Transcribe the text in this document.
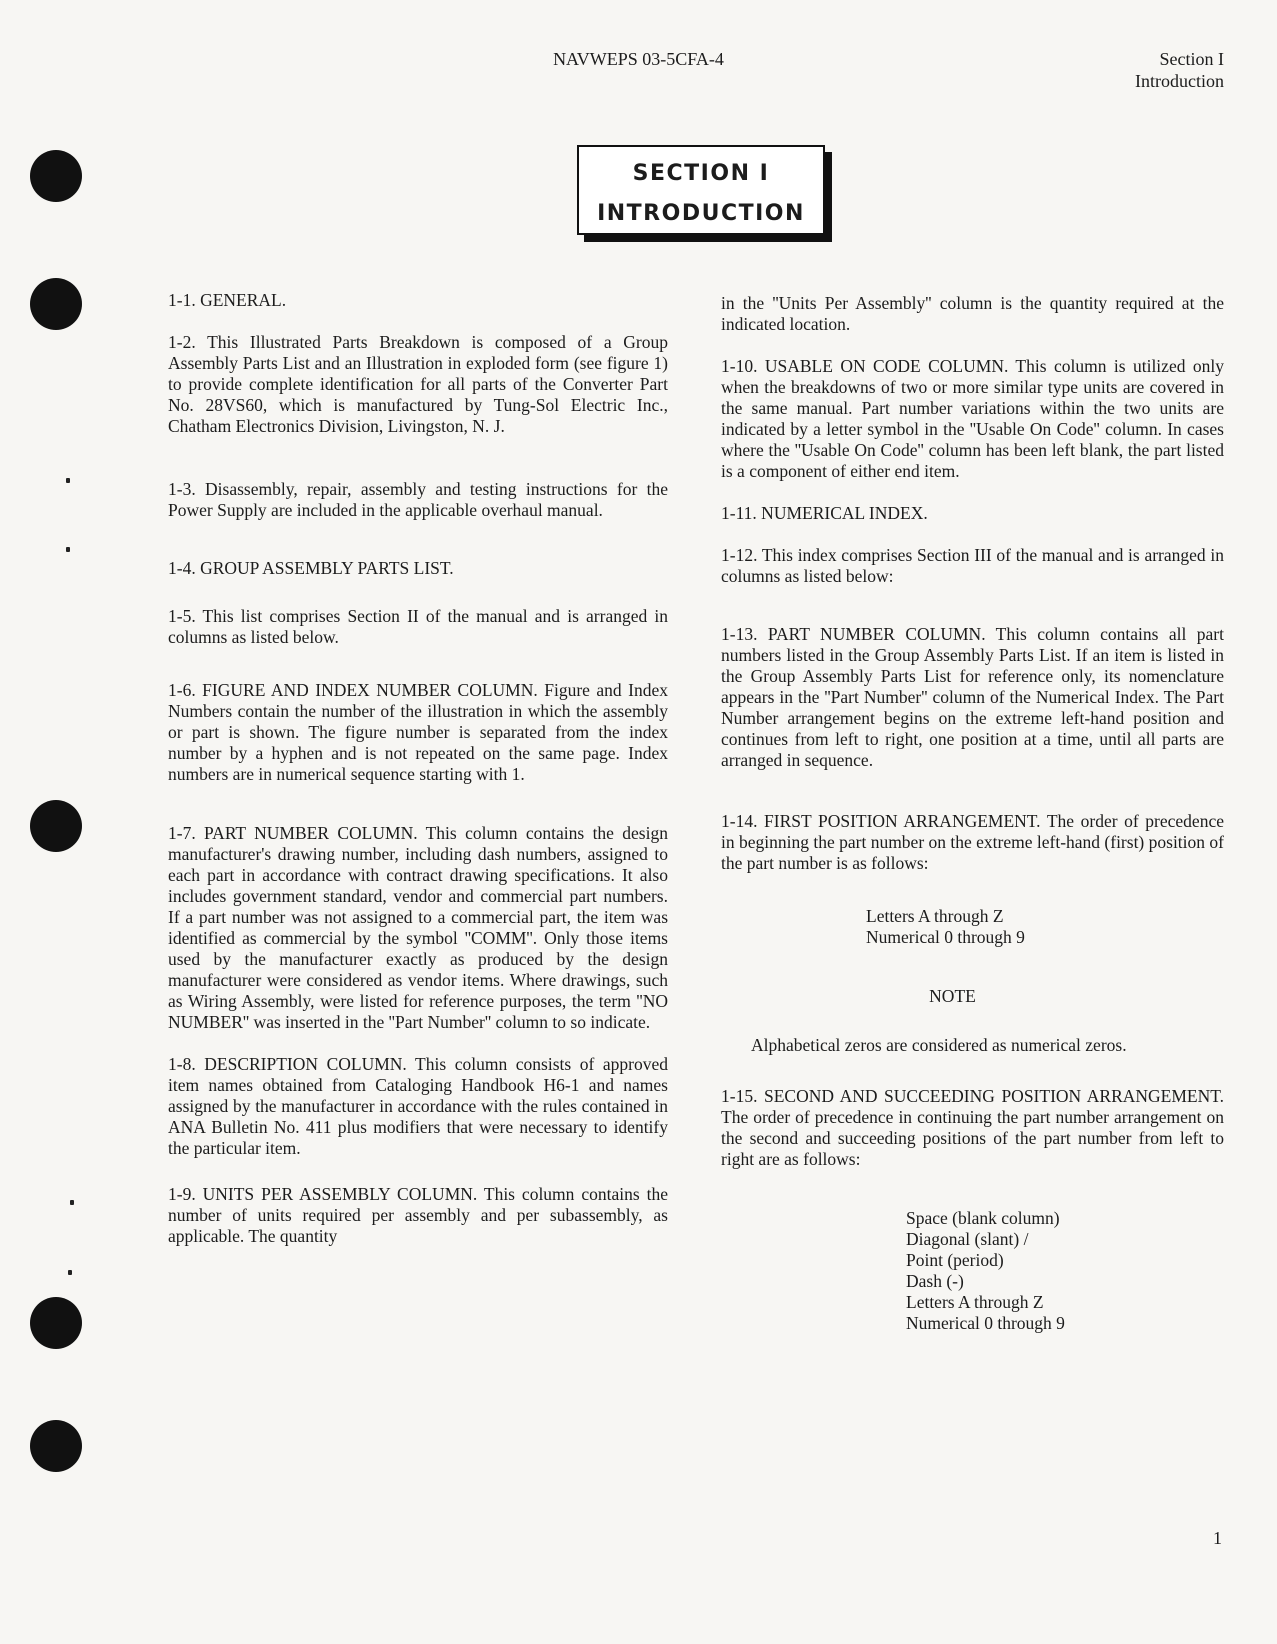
NAVWEPS 03-5CFA-4	Section I
Introduction
SECTION I
INTRODUCTION

1-1. GENERAL.

1-2. This Illustrated Parts Breakdown is composed of a Group Assembly Parts List and an Illustration in exploded form (see figure 1) to provide complete identification for all parts of the Converter Part No. 28VS60, which is manufactured by Tung-Sol Electric Inc., Chatham Electronics Division, Livingston, N. J.

1-3. Disassembly, repair, assembly and testing instructions for the Power Supply are included in the applicable overhaul manual.

1-4. GROUP ASSEMBLY PARTS LIST.

1-5. This list comprises Section II of the manual and is arranged in columns as listed below.

1-6. FIGURE AND INDEX NUMBER COLUMN. Figure and Index Numbers contain the number of the illustration in which the assembly or part is shown. The figure number is separated from the index number by a hyphen and is not repeated on the same page. Index numbers are in numerical sequence starting with 1.

1-7. PART NUMBER COLUMN. This column contains the design manufacturer's drawing number, including dash numbers, assigned to each part in accordance with contract drawing specifications. It also includes government standard, vendor and commercial part numbers. If a part number was not assigned to a commercial part, the item was identified as commercial by the symbol ''COMM''. Only those items used by the manufacturer exactly as produced by the design manufacturer were considered as vendor items. Where drawings, such as Wiring Assembly, were listed for reference purposes, the term ''NO NUMBER'' was inserted in the ''Part Number'' column to so indicate.

1-8. DESCRIPTION COLUMN. This column consists of approved item names obtained from Cataloging Handbook H6-1 and names assigned by the manufacturer in accordance with the rules contained in ANA Bulletin No. 411 plus modifiers that were necessary to identify the particular item.

1-9. UNITS PER ASSEMBLY COLUMN. This column contains the number of units required per assembly and per subassembly, as applicable. The quantity

in the ''Units Per Assembly'' column is the quantity required at the indicated location.

1-10. USABLE ON CODE COLUMN. This column is utilized only when the breakdowns of two or more similar type units are covered in the same manual. Part number variations within the two units are indicated by a letter symbol in the ''Usable On Code'' column. In cases where the ''Usable On Code'' column has been left blank, the part listed is a component of either end item.

1-11. NUMERICAL INDEX.

1-12. This index comprises Section III of the manual and is arranged in columns as listed below:

1-13. PART NUMBER COLUMN. This column contains all part numbers listed in the Group Assembly Parts List. If an item is listed in the Group Assembly Parts List for reference only, its nomenclature appears in the ''Part Number'' column of the Numerical Index. The Part Number arrangement begins on the extreme left-hand position and continues from left to right, one position at a time, until all parts are arranged in sequence.

1-14. FIRST POSITION ARRANGEMENT. The order of precedence in beginning the part number on the extreme left-hand (first) position of the part number is as follows:

Letters A through Z
Numerical 0 through 9
NOTE

Alphabetical zeros are considered as numerical zeros.

1-15. SECOND AND SUCCEEDING POSITION ARRANGEMENT. The order of precedence in continuing the part number arrangement on the second and succeeding positions of the part number from left to right are as follows:

Space (blank column)
Diagonal (slant) /
Point (period)
Dash (-)
Letters A through Z
Numerical 0 through 9
1
